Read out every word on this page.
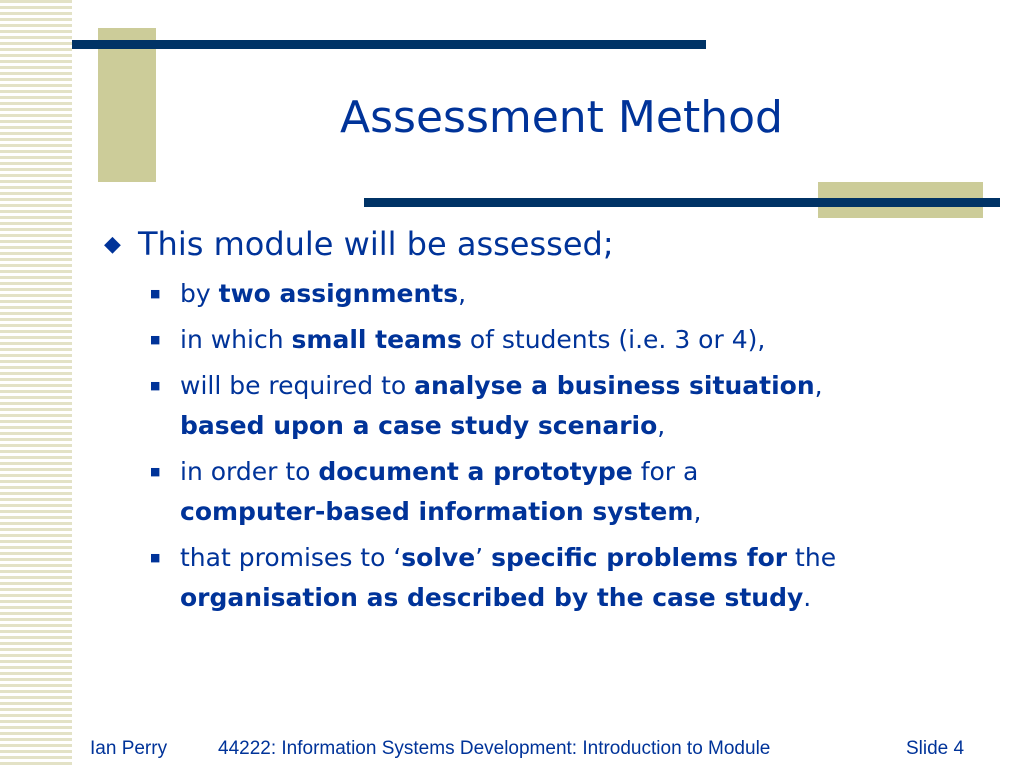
Assessment Method
◆ This module will be assessed;
■ by two assignments,
■ in which small teams of students (i.e. 3 or 4),
■ will be required to analyse a business situation,
based upon a case study scenario,
■ in order to document a prototype for a
computer-based information system,
■ that promises to ‘solve’ specific problems for the
organisation as described by the case study.
Ian Perry	44222: Information Systems Development: Introduction to Module	Slide 4
